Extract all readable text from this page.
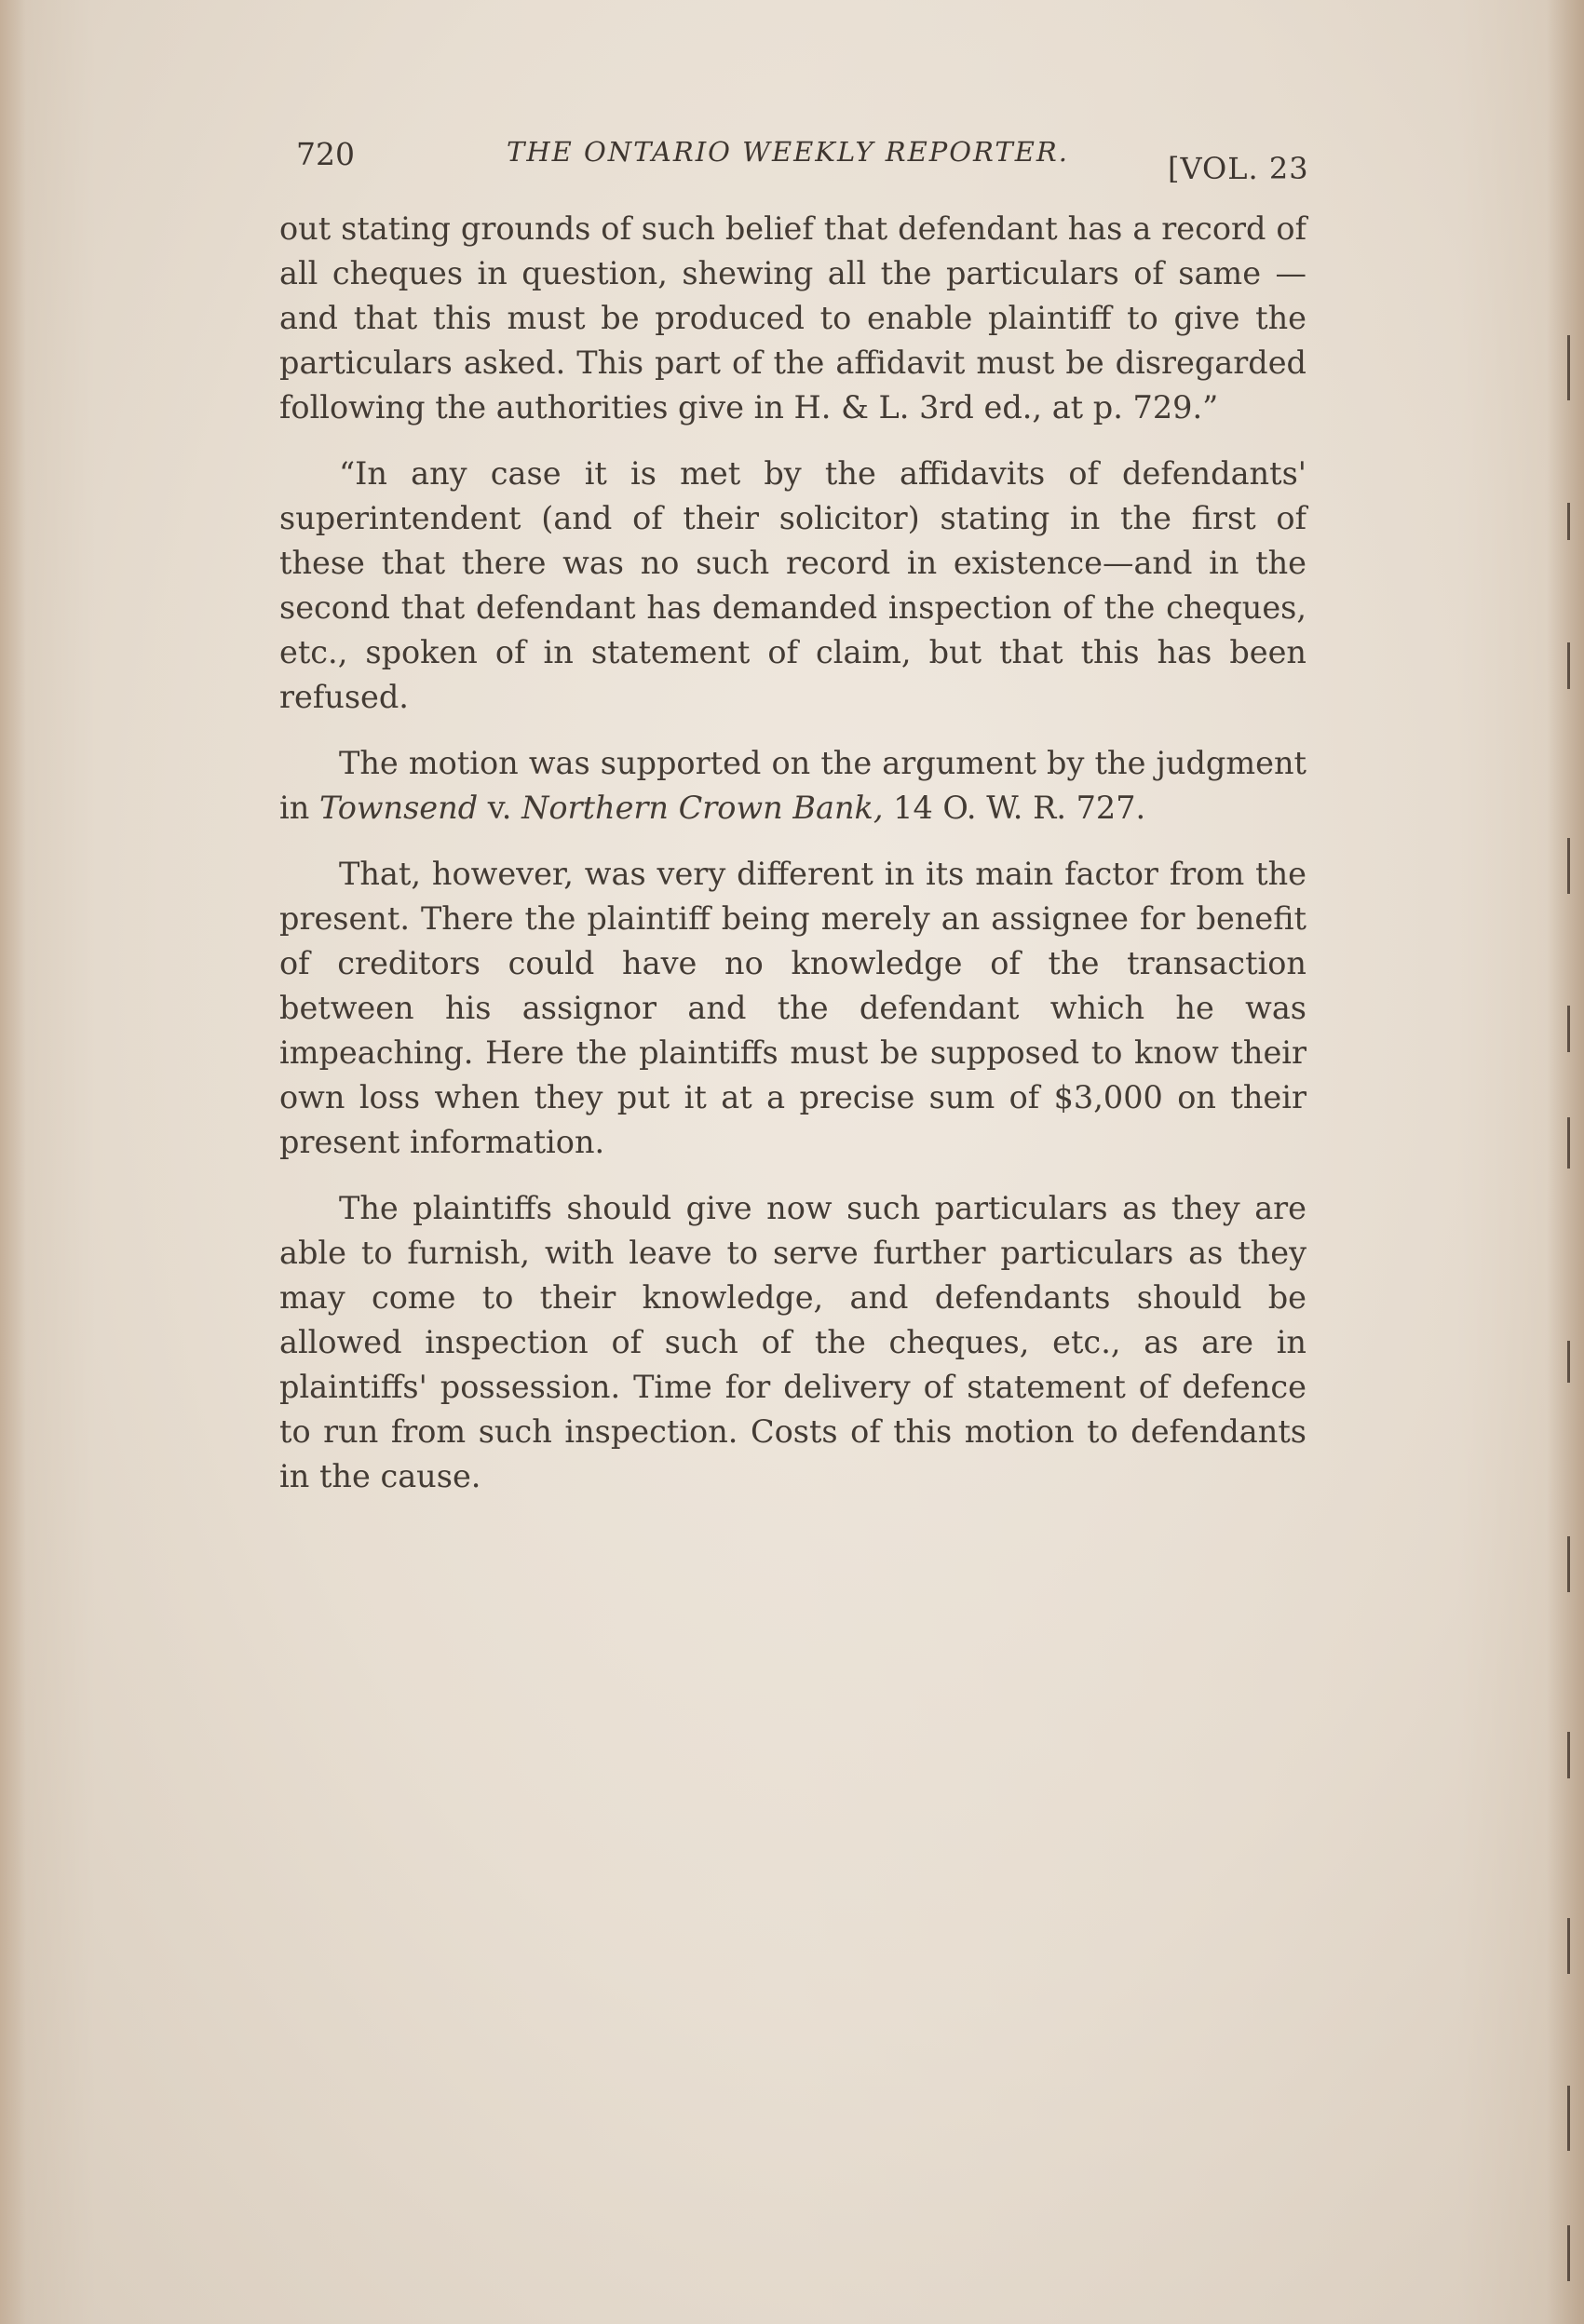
720	THE ONTARIO WEEKLY REPORTER.	[VOL. 23

out stating grounds of such belief that defendant has a record of all cheques in question, shewing all the particulars of same —and that this must be produced to enable plaintiff to give the particulars asked. This part of the affidavit must be disregarded following the authorities give in H. & L. 3rd ed., at p. 729.”

“In any case it is met by the affidavits of defendants' superintendent (and of their solicitor) stating in the first of these that there was no such record in existence—and in the second that defendant has demanded inspection of the cheques, etc., spoken of in statement of claim, but that this has been refused.

The motion was supported on the argument by the judgment in Townsend v. Northern Crown Bank, 14 O. W. R. 727.

That, however, was very different in its main factor from the present. There the plaintiff being merely an assignee for benefit of creditors could have no knowledge of the transaction between his assignor and the defendant which he was impeaching. Here the plaintiffs must be supposed to know their own loss when they put it at a precise sum of $3,000 on their present information.

The plaintiffs should give now such particulars as they are able to furnish, with leave to serve further particulars as they may come to their knowledge, and defendants should be allowed inspection of such of the cheques, etc., as are in plaintiffs' possession. Time for delivery of statement of defence to run from such inspection. Costs of this motion to defendants in the cause.
